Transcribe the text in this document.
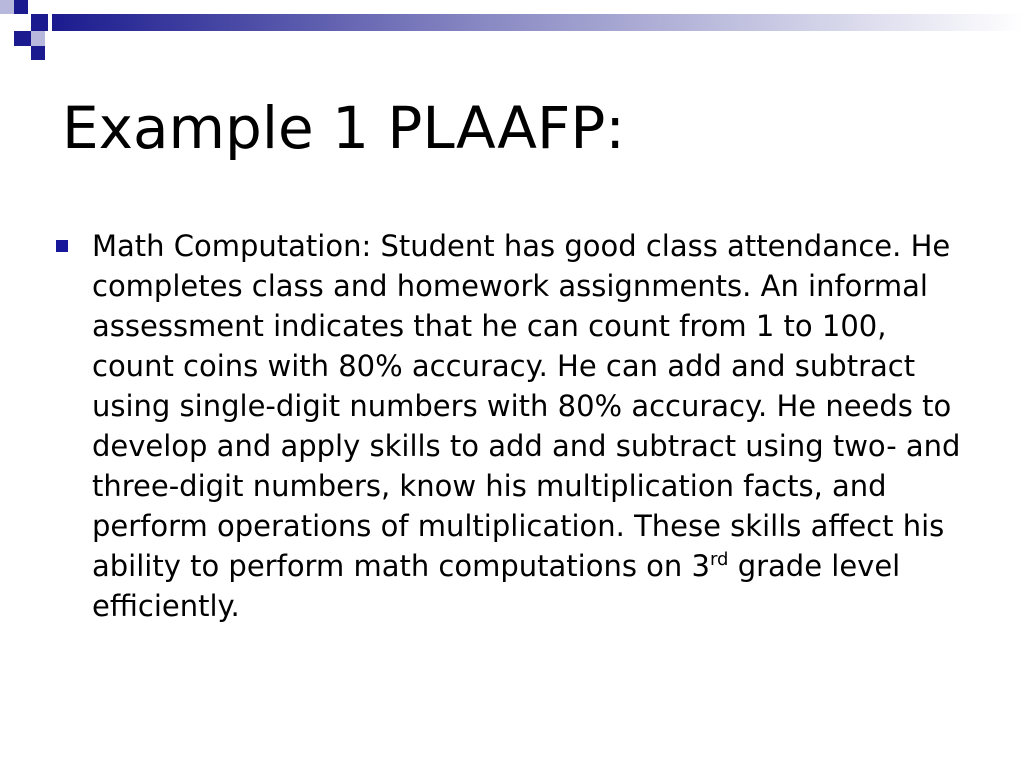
Example 1 PLAAFP:

Math Computation: Student has good class attendance. He completes class and homework assignments. An informal assessment indicates that he can count from 1 to 100, count coins with 80% accuracy. He can add and subtract using single-digit numbers with 80% accuracy. He needs to develop and apply skills to add and subtract using two- and three-digit numbers, know his multiplication facts, and perform operations of multiplication. These skills affect his ability to perform math computations on 3rd grade level efficiently.
